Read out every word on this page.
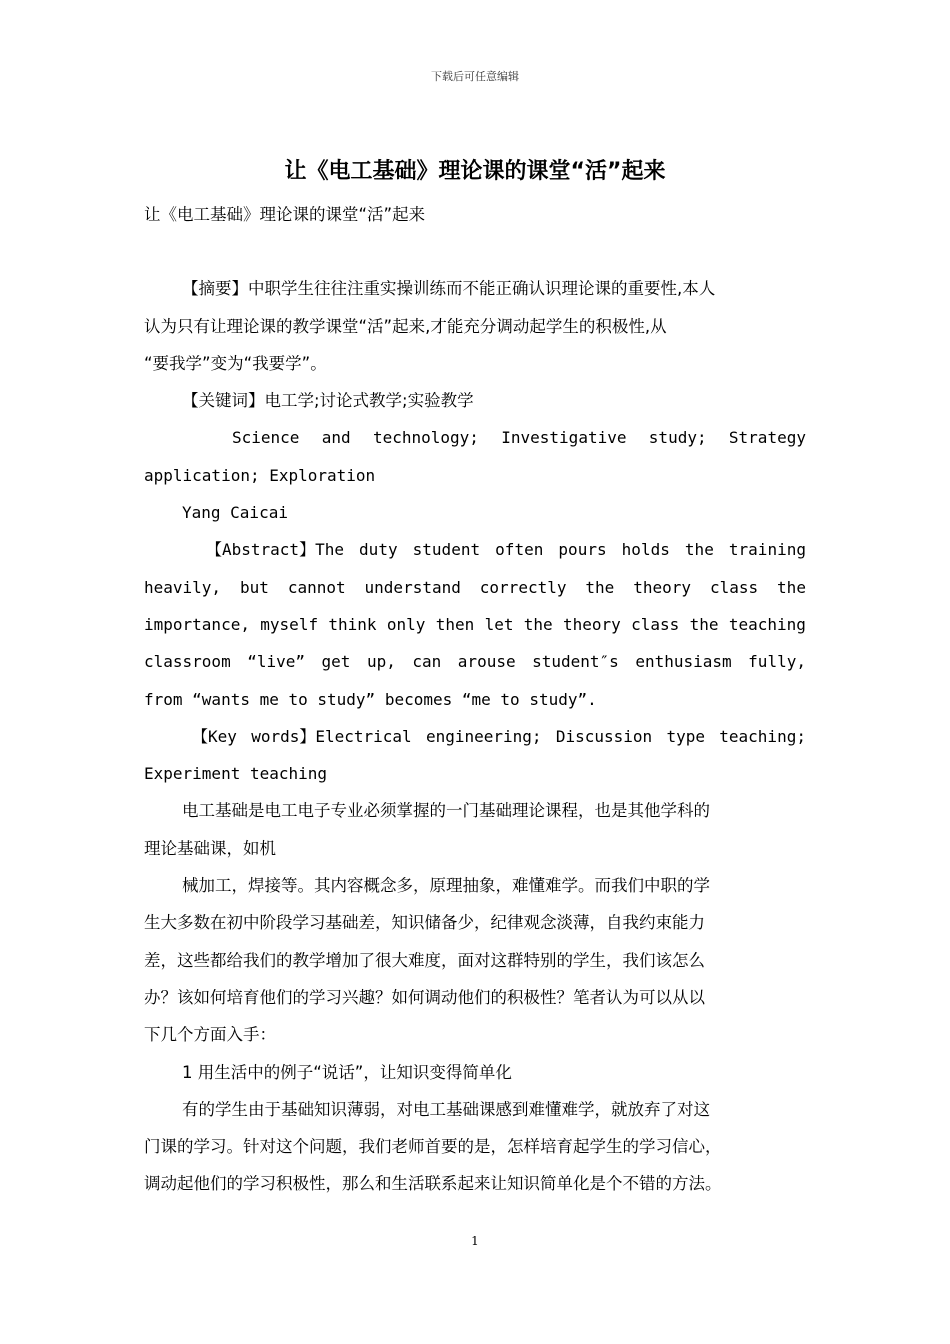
下载后可任意编辑
让《电工基础》理论课的课堂“活”起来
让《电工基础》理论课的课堂“活”起来
【摘要】中职学生往往注重实操训练而不能正确认识理论课的重要性,本人
认为只有让理论课的教学课堂“活”起来,才能充分调动起学生的积极性,从
“要我学”变为“我要学”。
【关键词】电工学;讨论式教学;实验教学
Science and technology; Investigative study; Strategy
application; Exploration
Yang Caicai
【Abstract】The duty student often pours holds the training
heavily, but cannot understand correctly the theory class the
importance, myself think only then let the theory class the teaching
classroom “live” get up, can arouse student″s enthusiasm fully,
from “wants me to study” becomes “me to study”.
【Key words】Electrical engineering; Discussion type teaching;
Experiment teaching
电工基础是电工电子专业必须掌握的一门基础理论课程，也是其他学科的
理论基础课，如机
械加工，焊接等。其内容概念多，原理抽象，难懂难学。而我们中职的学
生大多数在初中阶段学习基础差，知识储备少，纪律观念淡薄，自我约束能力
差，这些都给我们的教学增加了很大难度，面对这群特别的学生，我们该怎么
办？该如何培育他们的学习兴趣？如何调动他们的积极性？笔者认为可以从以
下几个方面入手：
1 用生活中的例子“说话”，让知识变得简单化
有的学生由于基础知识薄弱，对电工基础课感到难懂难学，就放弃了对这
门课的学习。针对这个问题，我们老师首要的是，怎样培育起学生的学习信心，
调动起他们的学习积极性，那么和生活联系起来让知识简单化是个不错的方法。
1
